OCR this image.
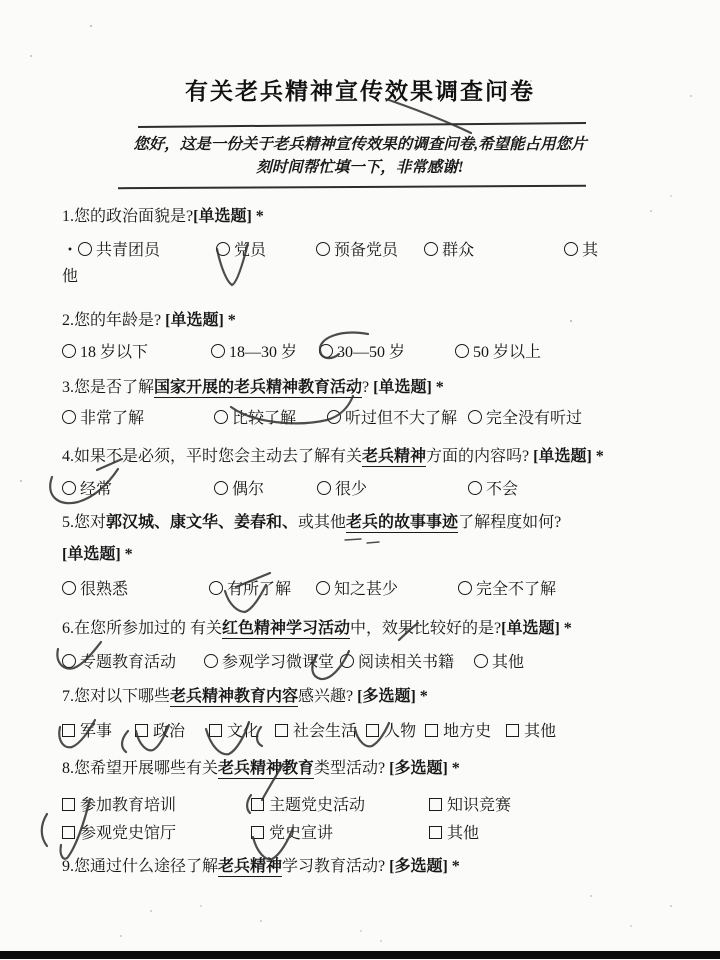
有关老兵精神宣传效果调查问卷
您好，这是一份关于老兵精神宣传效果的调查问卷,希望能占用您片刻时间帮忙填一下，非常感谢!
1.您的政治面貌是?[单选题] *
・ 共青团员	党员	预备党员	群众	其他
2.您的年龄是? [单选题] *
18 岁以下	18—30 岁	30—50 岁	50 岁以上
3.您是否了解国家开展的老兵精神教育活动? [单选题] *
非常了解	比较了解	听过但不大了解 完全没有听过
4.如果不是必须，平时您会主动去了解有关老兵精神方面的内容吗? [单选题] *
经常	偶尔	很少	不会
5.您对郭汉城、康文华、姜春和、或其他老兵的故事事迹了解程度如何?
[单选题] *
很熟悉	有所了解	知之甚少	完全不了解
6.在您所参加过的 有关红色精神学习活动中，效果比较好的是?[单选题] *
专题教育活动	参观学习微课堂 阅读相关书籍 其他
7.您对以下哪些老兵精神教育内容感兴趣? [多选题] *
军事	政治	文化 社会生活 人物 地方史 其他
8.您希望开展哪些有关老兵精神教育类型活动? [多选题] *
参加教育培训	主题党史活动	知识竞赛
参观党史馆厅	党史宣讲	其他
9.您通过什么途径了解老兵精神学习教育活动? [多选题] *
